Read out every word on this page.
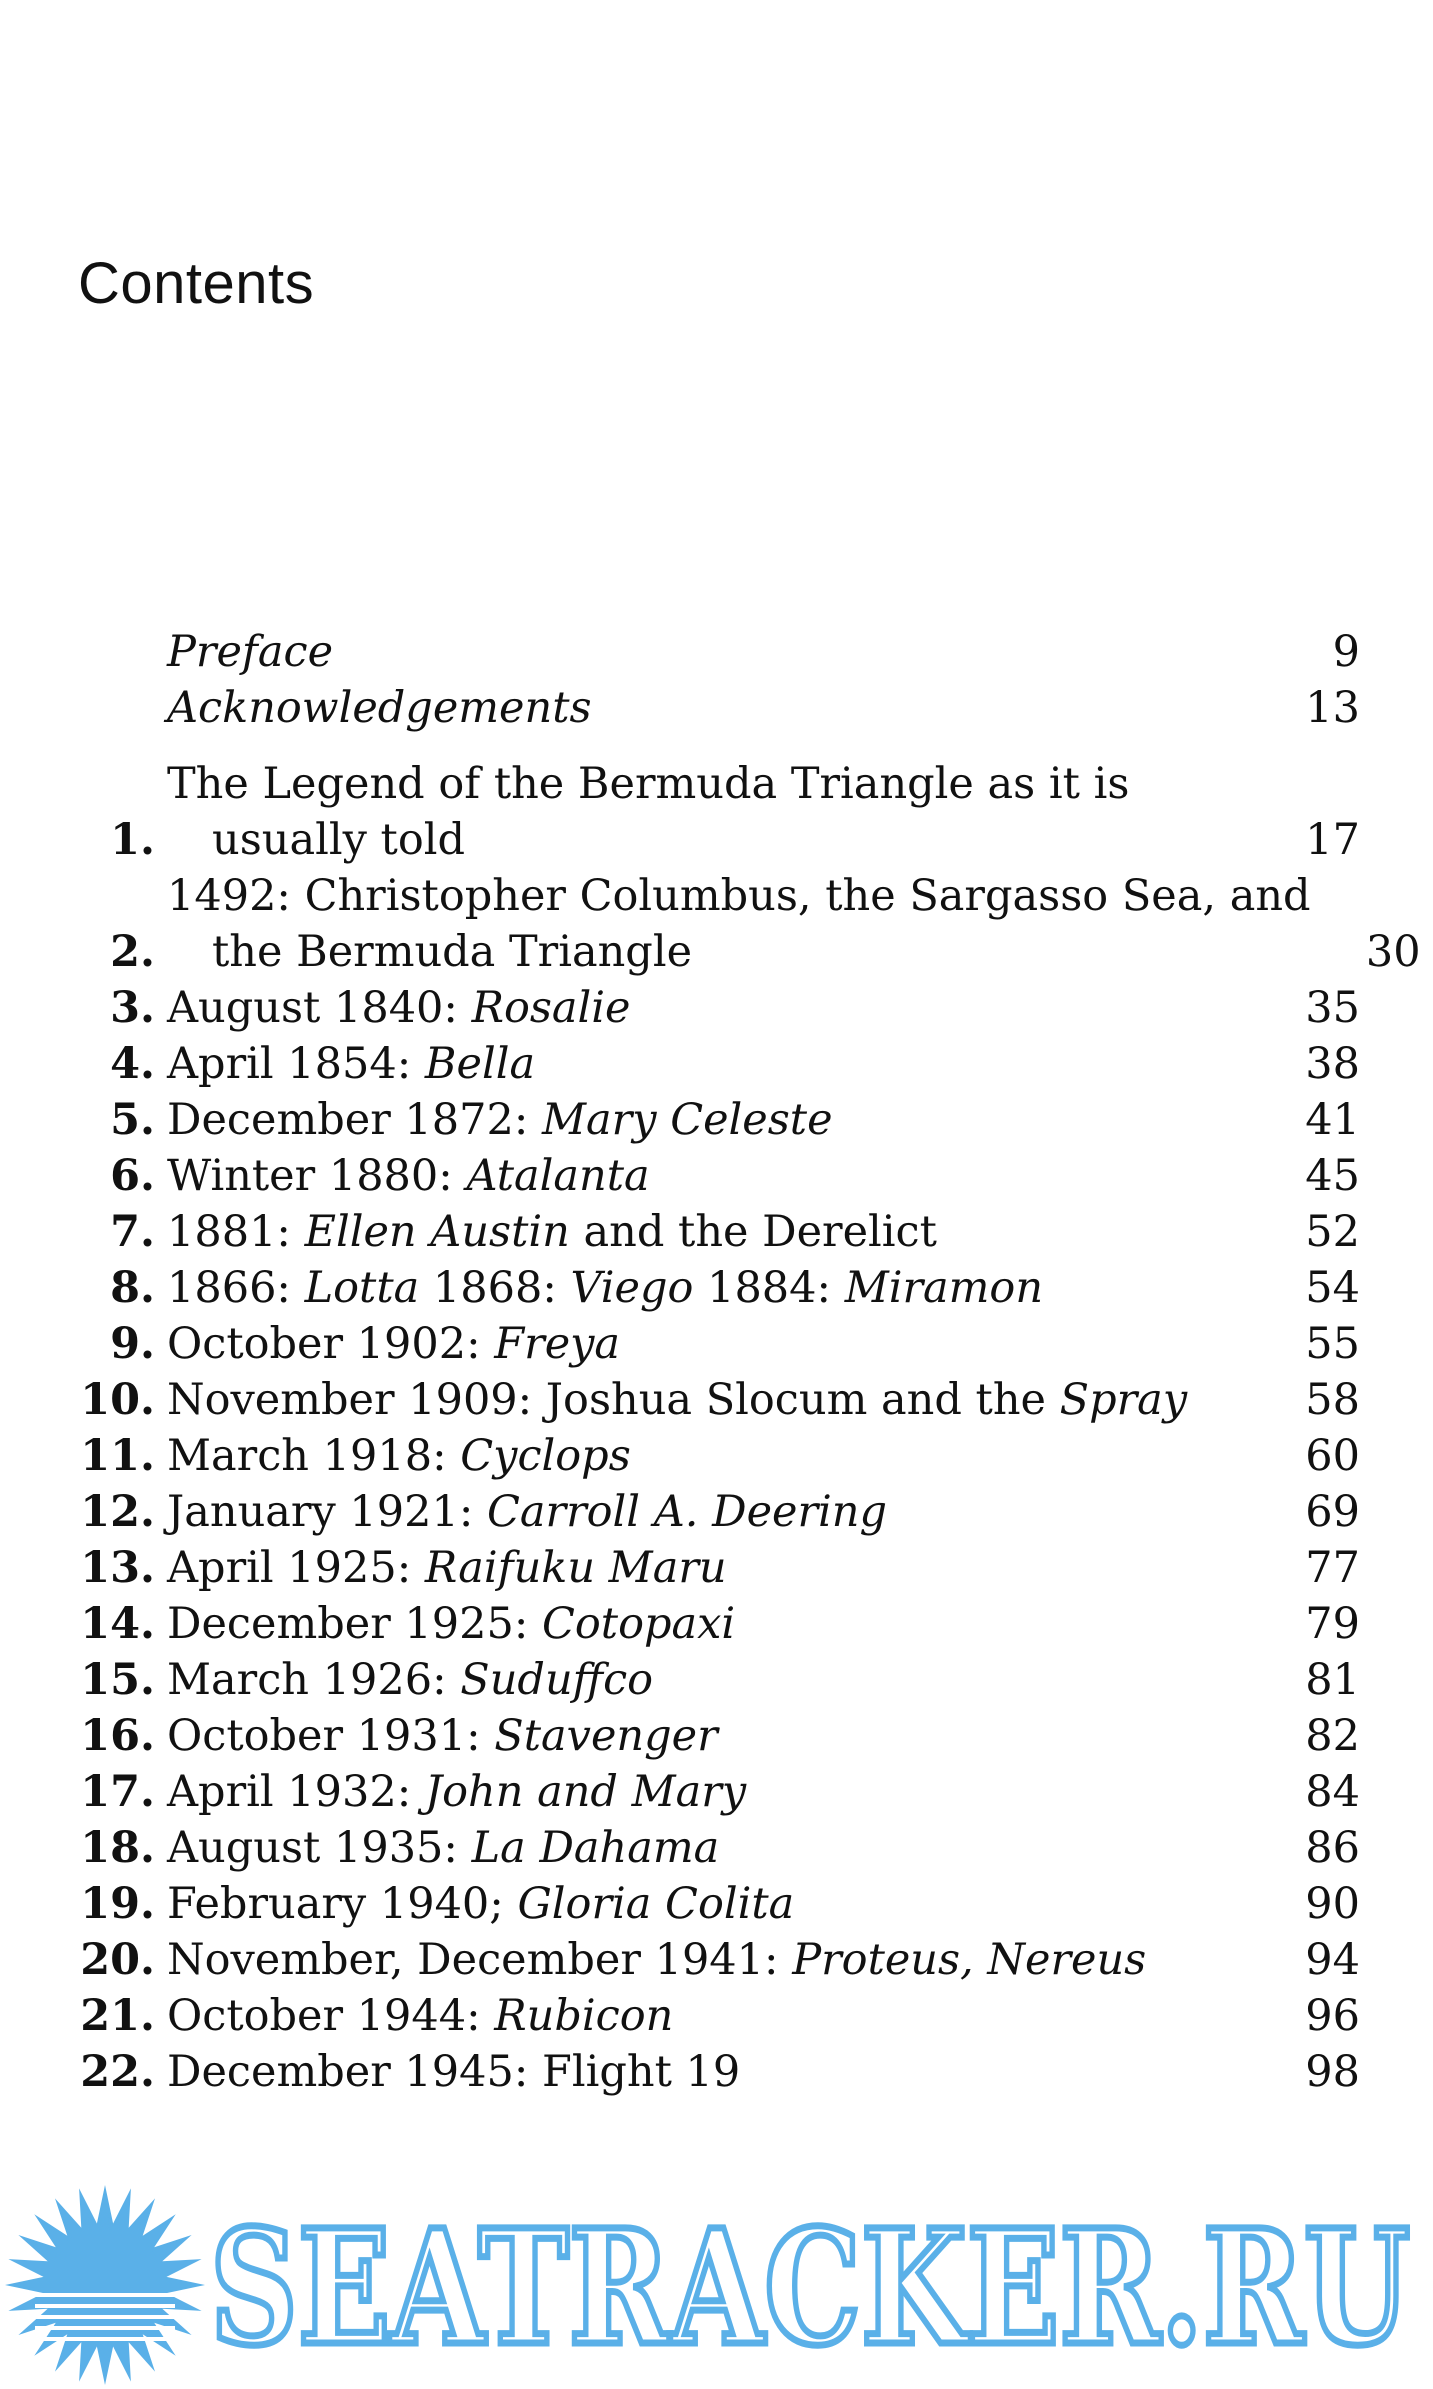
Contents
Preface	9
Acknowledgements	13
1.
The Legend of the Bermuda Triangle as it is
usually told	17
2.
1492: Christopher Columbus, the Sargasso Sea, and
the Bermuda Triangle	30
3. August 1840: Rosalie	35
4. April 1854: Bella	38
5. December 1872: Mary Celeste	41
6. Winter 1880: Atalanta	45
7. 1881: Ellen Austin and the Derelict	52
8. 1866: Lotta 1868: Viego 1884: Miramon	54
9. October 1902: Freya	55
10. November 1909: Joshua Slocum and the Spray	58
11. March 1918: Cyclops	60
12. January 1921: Carroll A. Deering	69
13. April 1925: Raifuku Maru	77
14. December 1925: Cotopaxi	79
15. March 1926: Suduffco	81
16. October 1931: Stavenger	82
17. April 1932: John and Mary	84
18. August 1935: La Dahama	86
19. February 1940; Gloria Colita	90
20. November, December 1941: Proteus, Nereus	94
21. October 1944: Rubicon	96
22. December 1945: Flight 19	98
SEATRACKER.RU
